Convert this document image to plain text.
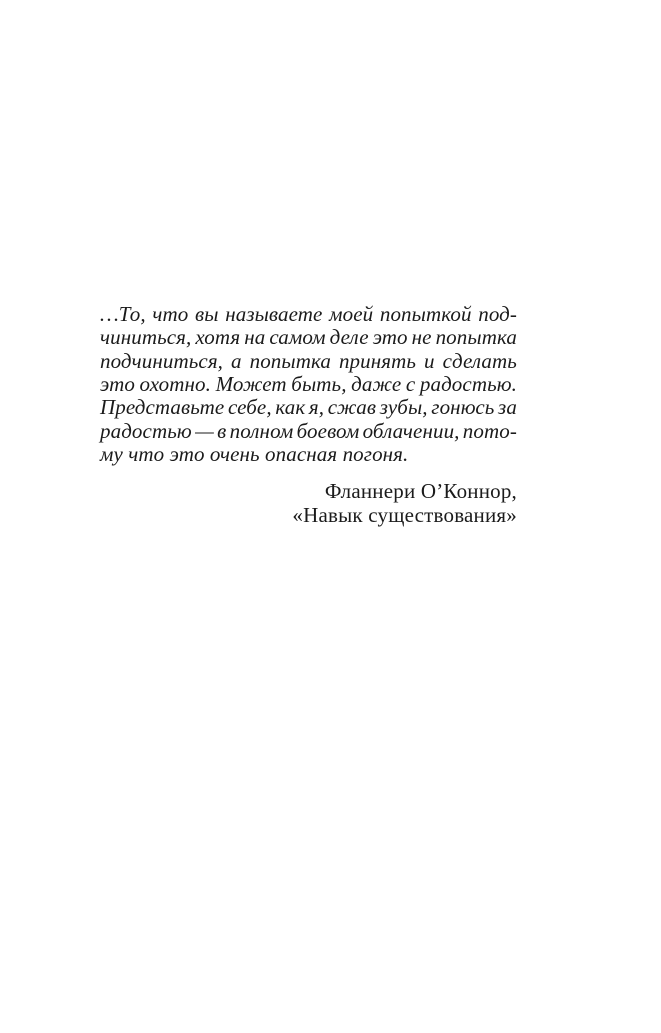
…То, что вы называете моей попыткой под-
чиниться, хотя на самом деле это не попытка
подчиниться, а попытка принять и сделать
это охотно. Может быть, даже с радостью.
Представьте себе, как я, сжав зубы, гонюсь за
радостью — в полном боевом облачении, пото-
му что это очень опасная погоня.
Фланнери О’Коннор,
«Навык существования»
